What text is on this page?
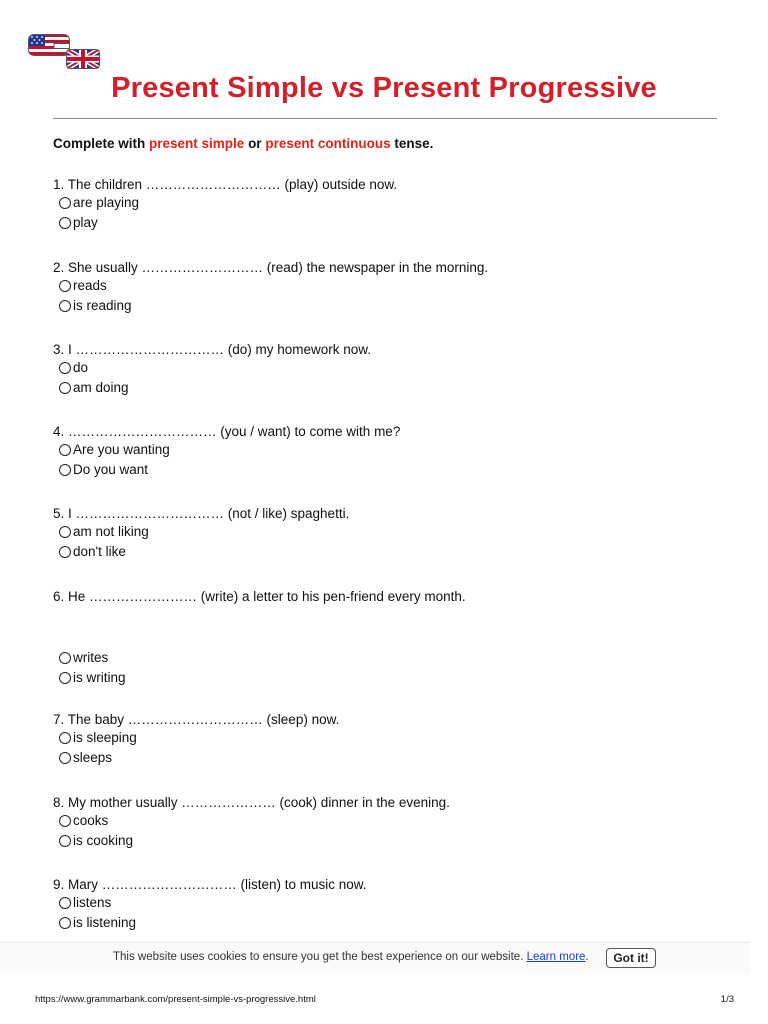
Present Simple vs Present Progressive
Complete with present simple or present continuous tense.
1. The children ………………………… (play) outside now.
are playing
play
2. She usually ……………………… (read) the newspaper in the morning.
reads
is reading
3. I …………………………… (do) my homework now.
do
am doing
4. …………………………… (you / want) to come with me?
Are you wanting
Do you want
5. I …………………………… (not / like) spaghetti.
am not liking
don't like
6. He …………………… (write) a letter to his pen-friend every month.
writes
is writing
7. The baby ………………………… (sleep) now.
is sleeping
sleeps
8. My mother usually ………………… (cook) dinner in the evening.
cooks
is cooking
9. Mary ………………………… (listen) to music now.
listens
is listening
This website uses cookies to ensure you get the best experience on our website. Learn more.	Got it!
https://www.grammarbank.com/present-simple-vs-progressive.html	1/3
